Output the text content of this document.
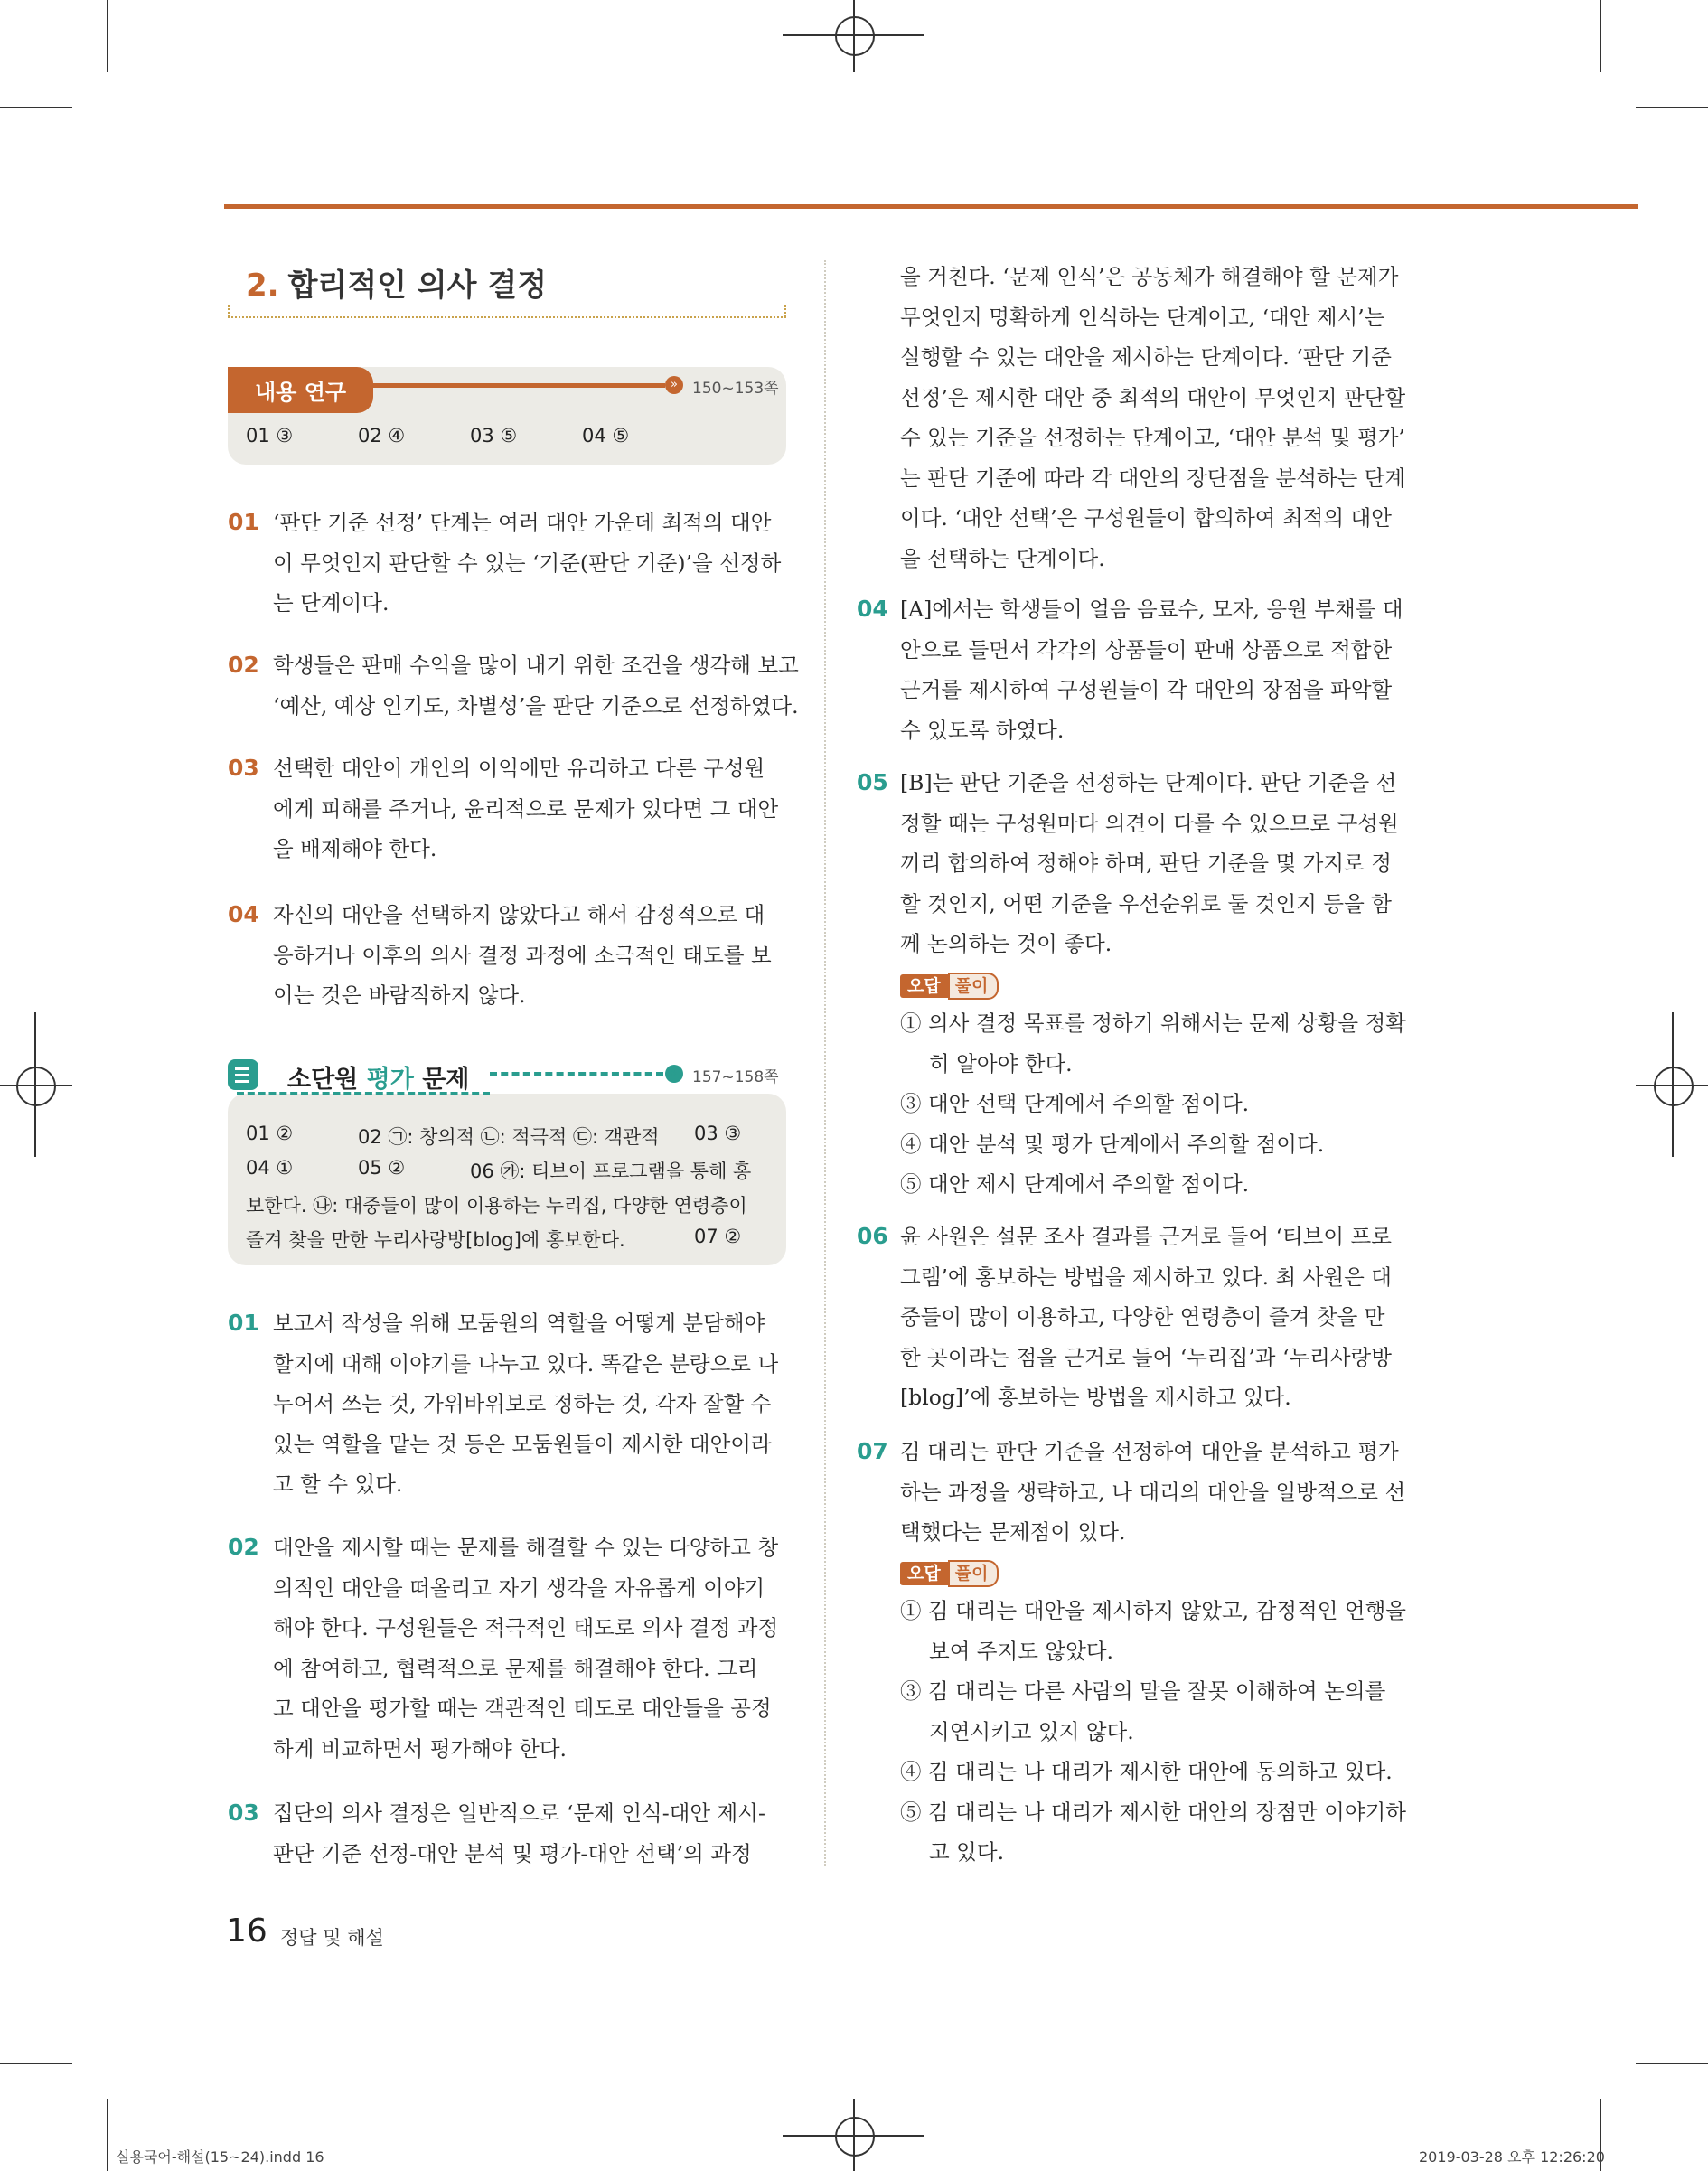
2. 합리적인 의사 결정
내용 연구	» 150~153쪽
01 ③	02 ④	03 ⑤	04 ⑤
01 ‘판단 기준 선정’ 단계는 여러 대안 가운데 최적의 대안
이 무엇인지 판단할 수 있는 ‘기준(판단 기준)’을 선정하
는 단계이다.
02 학생들은 판매 수익을 많이 내기 위한 조건을 생각해 보고
‘예산, 예상 인기도, 차별성’을 판단 기준으로 선정하였다.
03 선택한 대안이 개인의 이익에만 유리하고 다른 구성원
에게 피해를 주거나, 윤리적으로 문제가 있다면 그 대안
을 배제해야 한다.
04 자신의 대안을 선택하지 않았다고 해서 감정적으로 대
응하거나 이후의 의사 결정 과정에 소극적인 태도를 보
이는 것은 바람직하지 않다.
소단원 평가 문제	» 157~158쪽
01 ②	02 ㉠: 창의적 ㉡: 적극적 ㉢: 객관적 03 ③
04 ①	05 ②	06 ㉮: 티브이 프로그램을 통해 홍
보한다. ㉯: 대중들이 많이 이용하는 누리집, 다양한 연령층이
즐겨 찾을 만한 누리사랑방[blog]에 홍보한다.	07 ②
01 보고서 작성을 위해 모둠원의 역할을 어떻게 분담해야
할지에 대해 이야기를 나누고 있다. 똑같은 분량으로 나
누어서 쓰는 것, 가위바위보로 정하는 것, 각자 잘할 수
있는 역할을 맡는 것 등은 모둠원들이 제시한 대안이라
고 할 수 있다.
02 대안을 제시할 때는 문제를 해결할 수 있는 다양하고 창
의적인 대안을 떠올리고 자기 생각을 자유롭게 이야기
해야 한다. 구성원들은 적극적인 태도로 의사 결정 과정
에 참여하고, 협력적으로 문제를 해결해야 한다. 그리
고 대안을 평가할 때는 객관적인 태도로 대안들을 공정
하게 비교하면서 평가해야 한다.
03 집단의 의사 결정은 일반적으로 ‘문제 인식-대안 제시-
판단 기준 선정-대안 분석 및 평가-대안 선택’의 과정
을 거친다. ‘문제 인식’은 공동체가 해결해야 할 문제가
무엇인지 명확하게 인식하는 단계이고, ‘대안 제시’는
실행할 수 있는 대안을 제시하는 단계이다. ‘판단 기준
선정’은 제시한 대안 중 최적의 대안이 무엇인지 판단할
수 있는 기준을 선정하는 단계이고, ‘대안 분석 및 평가’
는 판단 기준에 따라 각 대안의 장단점을 분석하는 단계
이다. ‘대안 선택’은 구성원들이 합의하여 최적의 대안
을 선택하는 단계이다.
04 [A]에서는 학생들이 얼음 음료수, 모자, 응원 부채를 대
안으로 들면서 각각의 상품들이 판매 상품으로 적합한
근거를 제시하여 구성원들이 각 대안의 장점을 파악할
수 있도록 하였다.
05 [B]는 판단 기준을 선정하는 단계이다. 판단 기준을 선
정할 때는 구성원마다 의견이 다를 수 있으므로 구성원
끼리 합의하여 정해야 하며, 판단 기준을 몇 가지로 정
할 것인지, 어떤 기준을 우선순위로 둘 것인지 등을 함
께 논의하는 것이 좋다.
오답 풀이
① 의사 결정 목표를 정하기 위해서는 문제 상황을 정확
히 알아야 한다.
③ 대안 선택 단계에서 주의할 점이다.
④ 대안 분석 및 평가 단계에서 주의할 점이다.
⑤ 대안 제시 단계에서 주의할 점이다.
06 윤 사원은 설문 조사 결과를 근거로 들어 ‘티브이 프로
그램’에 홍보하는 방법을 제시하고 있다. 최 사원은 대
중들이 많이 이용하고, 다양한 연령층이 즐겨 찾을 만
한 곳이라는 점을 근거로 들어 ‘누리집’과 ‘누리사랑방
[blog]’에 홍보하는 방법을 제시하고 있다.
07 김 대리는 판단 기준을 선정하여 대안을 분석하고 평가
하는 과정을 생략하고, 나 대리의 대안을 일방적으로 선
택했다는 문제점이 있다.
오답 풀이
① 김 대리는 대안을 제시하지 않았고, 감정적인 언행을
보여 주지도 않았다.
③ 김 대리는 다른 사람의 말을 잘못 이해하여 논의를
지연시키고 있지 않다.
④ 김 대리는 나 대리가 제시한 대안에 동의하고 있다.
⑤ 김 대리는 나 대리가 제시한 대안의 장점만 이야기하
고 있다.
16 정답 및 해설
실용국어-해설(15~24).indd 16	2019-03-28 오후 12:26:20
